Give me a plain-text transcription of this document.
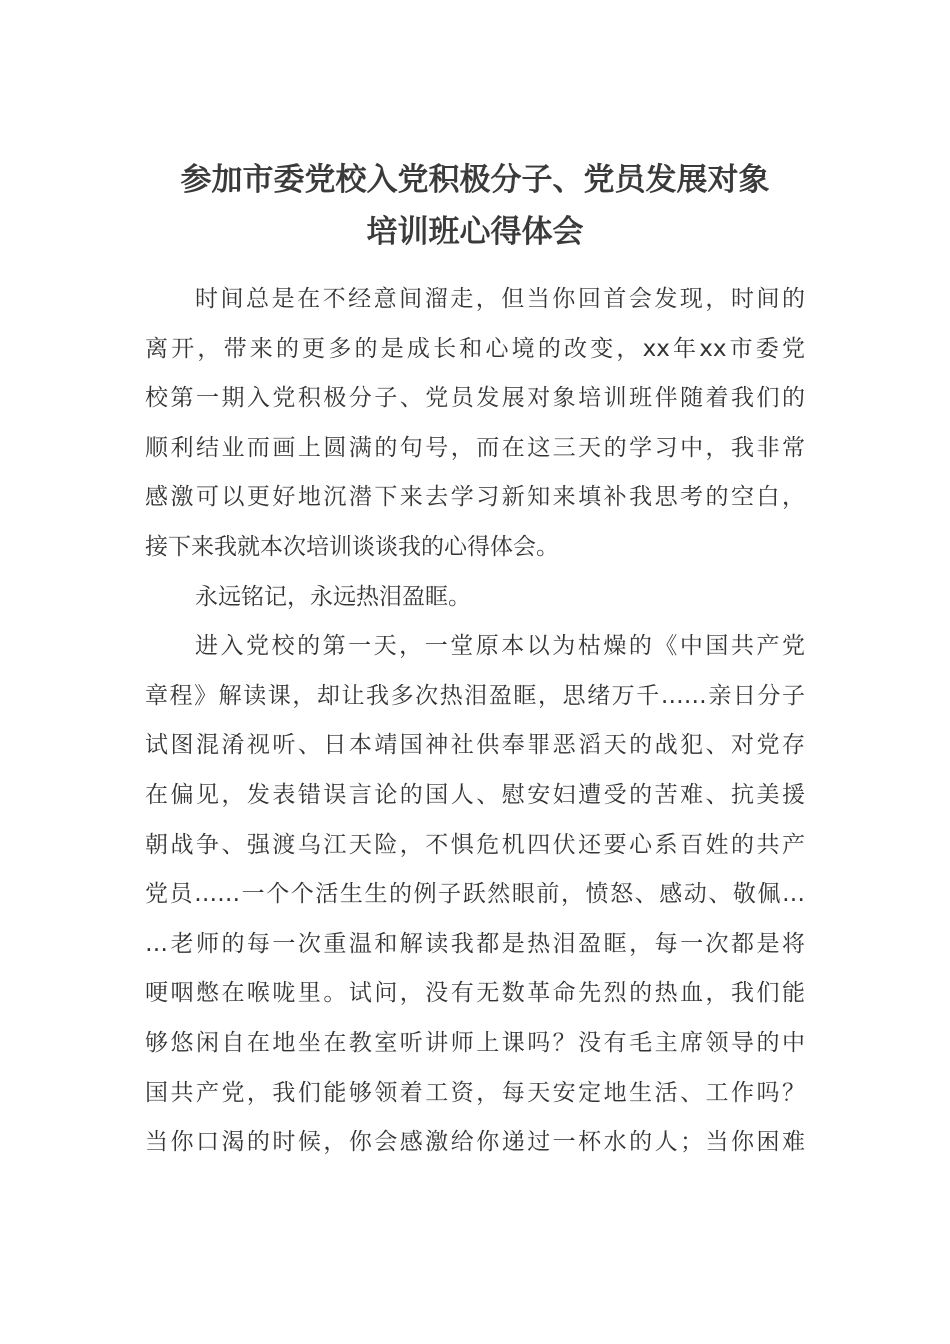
参加市委党校入党积极分子、党员发展对象
培训班心得体会
时间总是在不经意间溜走，但当你回首会发现，时间的
离开，带来的更多的是成长和心境的改变，xx年xx市委党
校第一期入党积极分子、党员发展对象培训班伴随着我们的
顺利结业而画上圆满的句号，而在这三天的学习中，我非常
感激可以更好地沉潜下来去学习新知来填补我思考的空白，
接下来我就本次培训谈谈我的心得体会。
永远铭记，永远热泪盈眶。
进入党校的第一天，一堂原本以为枯燥的《中国共产党
章程》解读课，却让我多次热泪盈眶，思绪万千……亲日分子
试图混淆视听、日本靖国神社供奉罪恶滔天的战犯、对党存
在偏见，发表错误言论的国人、慰安妇遭受的苦难、抗美援
朝战争、强渡乌江天险，不惧危机四伏还要心系百姓的共产
党员……一个个活生生的例子跃然眼前，愤怒、感动、敬佩…
…老师的每一次重温和解读我都是热泪盈眶，每一次都是将
哽咽憋在喉咙里。试问，没有无数革命先烈的热血，我们能
够悠闲自在地坐在教室听讲师上课吗？没有毛主席领导的中
国共产党，我们能够领着工资，每天安定地生活、工作吗？
当你口渴的时候，你会感激给你递过一杯水的人；当你困难
